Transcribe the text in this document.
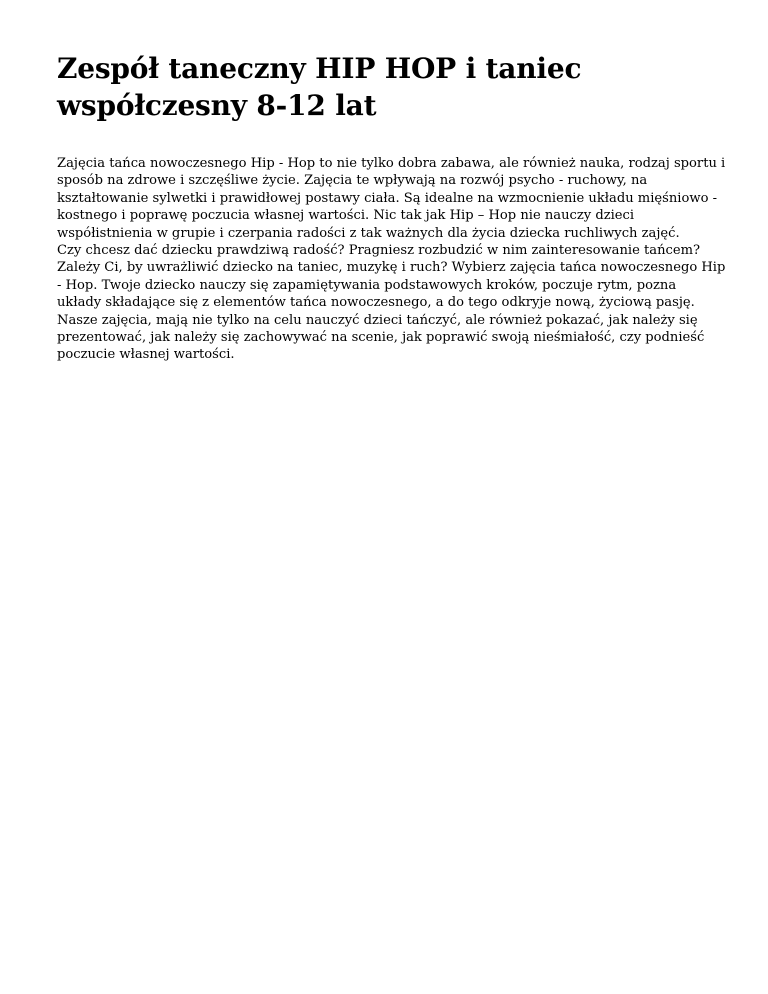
Zespół taneczny HIP HOP i taniec
współczesny 8-12 lat
Zajęcia tańca nowoczesnego Hip - Hop to nie tylko dobra zabawa, ale również nauka, rodzaj sportu i
sposób na zdrowe i szczęśliwe życie. Zajęcia te wpływają na rozwój psycho - ruchowy, na
kształtowanie sylwetki i prawidłowej postawy ciała. Są idealne na wzmocnienie układu mięśniowo -
kostnego i poprawę poczucia własnej wartości. Nic tak jak Hip – Hop nie nauczy dzieci
współistnienia w grupie i czerpania radości z tak ważnych dla życia dziecka ruchliwych zajęć.
Czy chcesz dać dziecku prawdziwą radość? Pragniesz rozbudzić w nim zainteresowanie tańcem?
Zależy Ci, by uwrażliwić dziecko na taniec, muzykę i ruch? Wybierz zajęcia tańca nowoczesnego Hip
- Hop. Twoje dziecko nauczy się zapamiętywania podstawowych kroków, poczuje rytm, pozna
układy składające się z elementów tańca nowoczesnego, a do tego odkryje nową, życiową pasję.
Nasze zajęcia, mają nie tylko na celu nauczyć dzieci tańczyć, ale również pokazać, jak należy się
prezentować, jak należy się zachowywać na scenie, jak poprawić swoją nieśmiałość, czy podnieść
poczucie własnej wartości.
